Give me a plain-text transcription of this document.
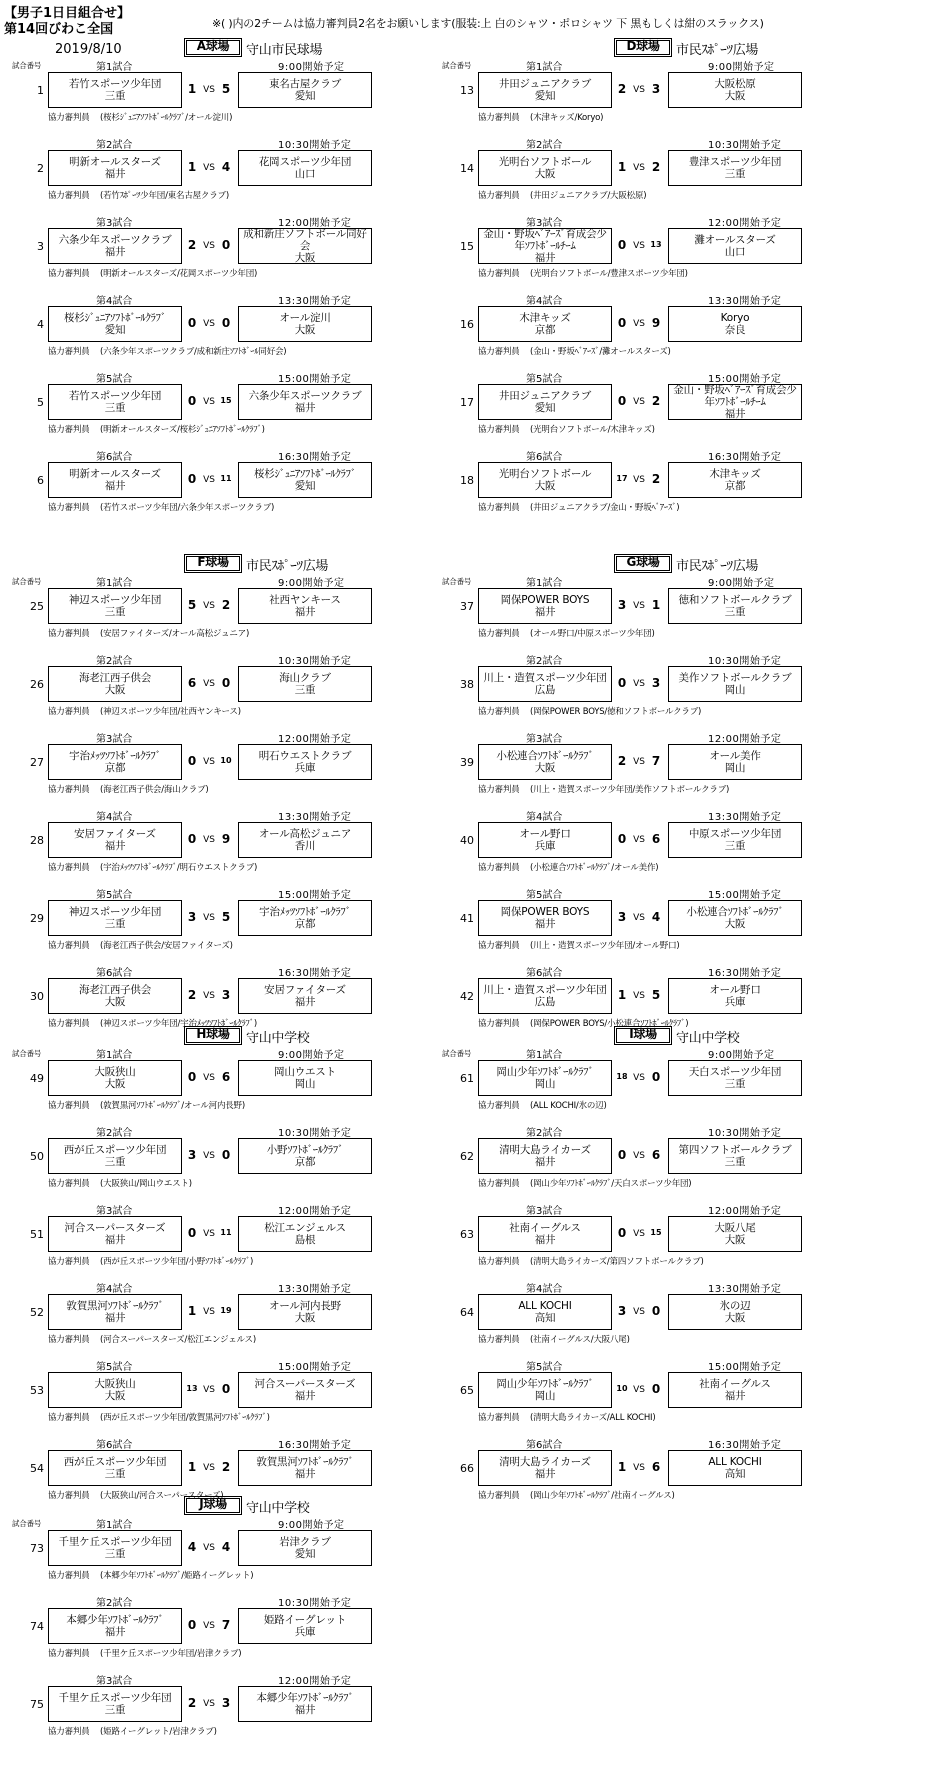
【男子1日目組合せ】
第14回びわこ全国
2019/8/10
※( )内の2チームは協力審判員2名をお願いします(服装:上 白のシャツ・ポロシャツ 下 黒もしくは紺のスラックス)
A球場	守山市民球場
試合番号	第1試合	9:00開始予定
1 若竹スポーツ少年団
三重	1 VS 5	東名古屋クラブ
愛知
協力審判員 (桜杉ｼﾞｭﾆｱｿﾌﾄﾎﾞｰﾙｸﾗﾌﾞ/オール淀川)
第2試合	10:30開始予定
2 明新オールスターズ
福井	1 VS 4	花岡スポーツ少年団
山口
協力審判員 (若竹ｽﾎﾟｰﾂ少年団/東名古屋クラブ)
第3試合	12:00開始予定
3 六条少年スポーツクラブ
福井	2 VS 0
成和新庄ソフトボール同好会
大阪
協力審判員 (明新オールスターズ/花岡スポーツ少年団)
第4試合	13:30開始予定
4 桜杉ｼﾞｭﾆｱｿﾌﾄﾎﾞｰﾙｸﾗﾌﾞ
愛知	0 VS 0	オール淀川
大阪
協力審判員 (六条少年スポーツクラブ/成和新庄ｿﾌﾄﾎﾞｰﾙ同好会)
第5試合	15:00開始予定
5 若竹スポーツ少年団
三重	0 VS 15 六条少年スポーツクラブ
福井
協力審判員 (明新オールスターズ/桜杉ｼﾞｭﾆｱｿﾌﾄﾎﾞｰﾙｸﾗﾌﾞ)
第6試合	16:30開始予定
6 明新オールスターズ
福井	0 VS 11 桜杉ｼﾞｭﾆｱｿﾌﾄﾎﾞｰﾙｸﾗﾌﾞ
愛知
協力審判員 (若竹スポーツ少年団/六条少年スポーツクラブ)
D球場	市民ｽﾎﾟｰﾂ広場
試合番号	第1試合	9:00開始予定
13 井田ジュニアクラブ
愛知	2 VS 3	大阪松原
大阪
協力審判員 (木津キッズ/Koryo)
第2試合	10:30開始予定
14 光明台ソフトボール
大阪	1 VS 2	豊津スポーツ少年団
三重
協力審判員 (井田ジュニアクラブ/大阪松原)
第3試合	12:00開始予定
15
金山・野坂ﾍﾞｱｰｽﾞ育成会少年ｿﾌﾄﾎﾞｰﾙﾁｰﾑ
福井
0 VS 13	灘オールスターズ
山口
協力審判員 (光明台ソフトボール/豊津スポーツ少年団)
第4試合	13:30開始予定
16	木津キッズ
京都	0 VS 9	Koryo
奈良
協力審判員 (金山・野坂ﾍﾞｱｰｽﾞ/灘オールスターズ)
第5試合	15:00開始予定
17 井田ジュニアクラブ
愛知	0 VS 2
金山・野坂ﾍﾞｱｰｽﾞ育成会少年ｿﾌﾄﾎﾞｰﾙﾁｰﾑ
福井
協力審判員 (光明台ソフトボール/木津キッズ)
第6試合	16:30開始予定
18 光明台ソフトボール
大阪
17 VS 2	木津キッズ
京都
協力審判員 (井田ジュニアクラブ/金山・野坂ﾍﾞｱｰｽﾞ)
F球場	市民ｽﾎﾟｰﾂ広場
試合番号	第1試合	9:00開始予定
25 神辺スポーツ少年団
三重	5 VS 2	社西ヤンキース
福井
協力審判員 (安居ファイターズ/オール高松ジュニア)
第2試合	10:30開始予定
26	海老江西子供会
大阪	6 VS 0	海山クラブ
三重
協力審判員 (神辺スポーツ少年団/社西ヤンキース)
第3試合	12:00開始予定
27 宇治ﾒｯﾂｿﾌﾄﾎﾞｰﾙｸﾗﾌﾞ
京都	0 VS 10	明石ウエストクラブ
兵庫
協力審判員 (海老江西子供会/海山クラブ)
第4試合	13:30開始予定
28	安居ファイターズ
福井	0 VS 9	オール高松ジュニア
香川
協力審判員 (宇治ﾒｯﾂｿﾌﾄﾎﾞｰﾙｸﾗﾌﾞ/明石ウエストクラブ)
第5試合	15:00開始予定
29 神辺スポーツ少年団
三重	3 VS 5	宇治ﾒｯﾂｿﾌﾄﾎﾞｰﾙｸﾗﾌﾞ
京都
協力審判員 (海老江西子供会/安居ファイターズ)
第6試合	16:30開始予定
30	海老江西子供会
大阪	2 VS 3	安居ファイターズ
福井
協力審判員 (神辺スポーツ少年団/宇治ﾒｯﾂｿﾌﾄﾎﾞｰﾙｸﾗﾌﾞ)
G球場	市民ｽﾎﾟｰﾂ広場
試合番号	第1試合	9:00開始予定
37	岡保POWER BOYS
福井	3 VS 1	徳和ソフトボールクラブ
三重
協力審判員 (オール野口/中原スポーツ少年団)
第2試合	10:30開始予定
38 川上・造賀スポーツ少年団
広島	0 VS 3	美作ソフトボールクラブ
岡山
協力審判員 (岡保POWER BOYS/徳和ソフトボールクラブ)
第3試合	12:00開始予定
39 小松連合ｿﾌﾄﾎﾞｰﾙｸﾗﾌﾞ
大阪	2 VS 7	オール美作
岡山
協力審判員 (川上・造賀スポーツ少年団/美作ソフトボールクラブ)
第4試合	13:30開始予定
40	オール野口
兵庫	0 VS 6	中原スポーツ少年団
三重
協力審判員 (小松連合ｿﾌﾄﾎﾞｰﾙｸﾗﾌﾞ/オール美作)
第5試合	15:00開始予定
41	岡保POWER BOYS
福井	3 VS 4	小松連合ｿﾌﾄﾎﾞｰﾙｸﾗﾌﾞ
大阪
協力審判員 (川上・造賀スポーツ少年団/オール野口)
第6試合	16:30開始予定
42 川上・造賀スポーツ少年団
広島	1 VS 5	オール野口
兵庫
協力審判員 (岡保POWER BOYS/小松連合ｿﾌﾄﾎﾞｰﾙｸﾗﾌﾞ)
H球場	守山中学校
試合番号	第1試合	9:00開始予定
49	大阪狭山
大阪	0 VS 6	岡山ウエスト
岡山
協力審判員 (敦賀黒河ｿﾌﾄﾎﾞｰﾙｸﾗﾌﾞ/オール河内長野)
第2試合	10:30開始予定
50 西が丘スポーツ少年団
三重	3 VS 0	小野ｿﾌﾄﾎﾞｰﾙｸﾗﾌﾞ
京都
協力審判員 (大阪狭山/岡山ウエスト)
第3試合	12:00開始予定
51 河合スーパースターズ
福井	0 VS 11	松江エンジェルス
島根
協力審判員 (西が丘スポーツ少年団/小野ｿﾌﾄﾎﾞｰﾙｸﾗﾌﾞ)
第4試合	13:30開始予定
52 敦賀黒河ｿﾌﾄﾎﾞｰﾙｸﾗﾌﾞ
福井	1 VS 19	オール河内長野
大阪
協力審判員 (河合スーパースターズ/松江エンジェルス)
第5試合	15:00開始予定
53	大阪狭山
大阪
13 VS 0	河合スーパースターズ
福井
協力審判員 (西が丘スポーツ少年団/敦賀黒河ｿﾌﾄﾎﾞｰﾙｸﾗﾌﾞ)
第6試合	16:30開始予定
54 西が丘スポーツ少年団
三重	1 VS 2	敦賀黒河ｿﾌﾄﾎﾞｰﾙｸﾗﾌﾞ
福井
協力審判員 (大阪狭山/河合スーパースターズ)
I球場	守山中学校
試合番号	第1試合	9:00開始予定
61 岡山少年ｿﾌﾄﾎﾞｰﾙｸﾗﾌﾞ
岡山
18 VS 0	天白スポーツ少年団
三重
協力審判員 (ALL KOCHI/氷の辺)
第2試合	10:30開始予定
62 清明大島ライカーズ
福井	0 VS 6	第四ソフトボールクラブ
三重
協力審判員 (岡山少年ｿﾌﾄﾎﾞｰﾙｸﾗﾌﾞ/天白スポーツ少年団)
第3試合	12:00開始予定
63	社南イーグルス
福井	0 VS 15	大阪八尾
大阪
協力審判員 (清明大島ライカーズ/第四ソフトボールクラブ)
第4試合	13:30開始予定
64	ALL KOCHI
高知	3 VS 0	氷の辺
大阪
協力審判員 (社南イーグルス/大阪八尾)
第5試合	15:00開始予定
65 岡山少年ｿﾌﾄﾎﾞｰﾙｸﾗﾌﾞ
岡山
10 VS 0	社南イーグルス
福井
協力審判員 (清明大島ライカーズ/ALL KOCHI)
第6試合	16:30開始予定
66 清明大島ライカーズ
福井	1 VS 6	ALL KOCHI
高知
協力審判員 (岡山少年ｿﾌﾄﾎﾞｰﾙｸﾗﾌﾞ/社南イーグルス)
J球場	守山中学校
試合番号	第1試合	9:00開始予定
73 千里ケ丘スポーツ少年団
三重	4 VS 4	岩津クラブ
愛知
協力審判員 (本郷少年ｿﾌﾄﾎﾞｰﾙｸﾗﾌﾞ/姫路イーグレット)
第2試合	10:30開始予定
74 本郷少年ｿﾌﾄﾎﾞｰﾙｸﾗﾌﾞ
福井	0 VS 7	姫路イーグレット
兵庫
協力審判員 (千里ケ丘スポーツ少年団/岩津クラブ)
第3試合	12:00開始予定
75 千里ケ丘スポーツ少年団
三重	2 VS 3	本郷少年ｿﾌﾄﾎﾞｰﾙｸﾗﾌﾞ
福井
協力審判員 (姫路イーグレット/岩津クラブ)
